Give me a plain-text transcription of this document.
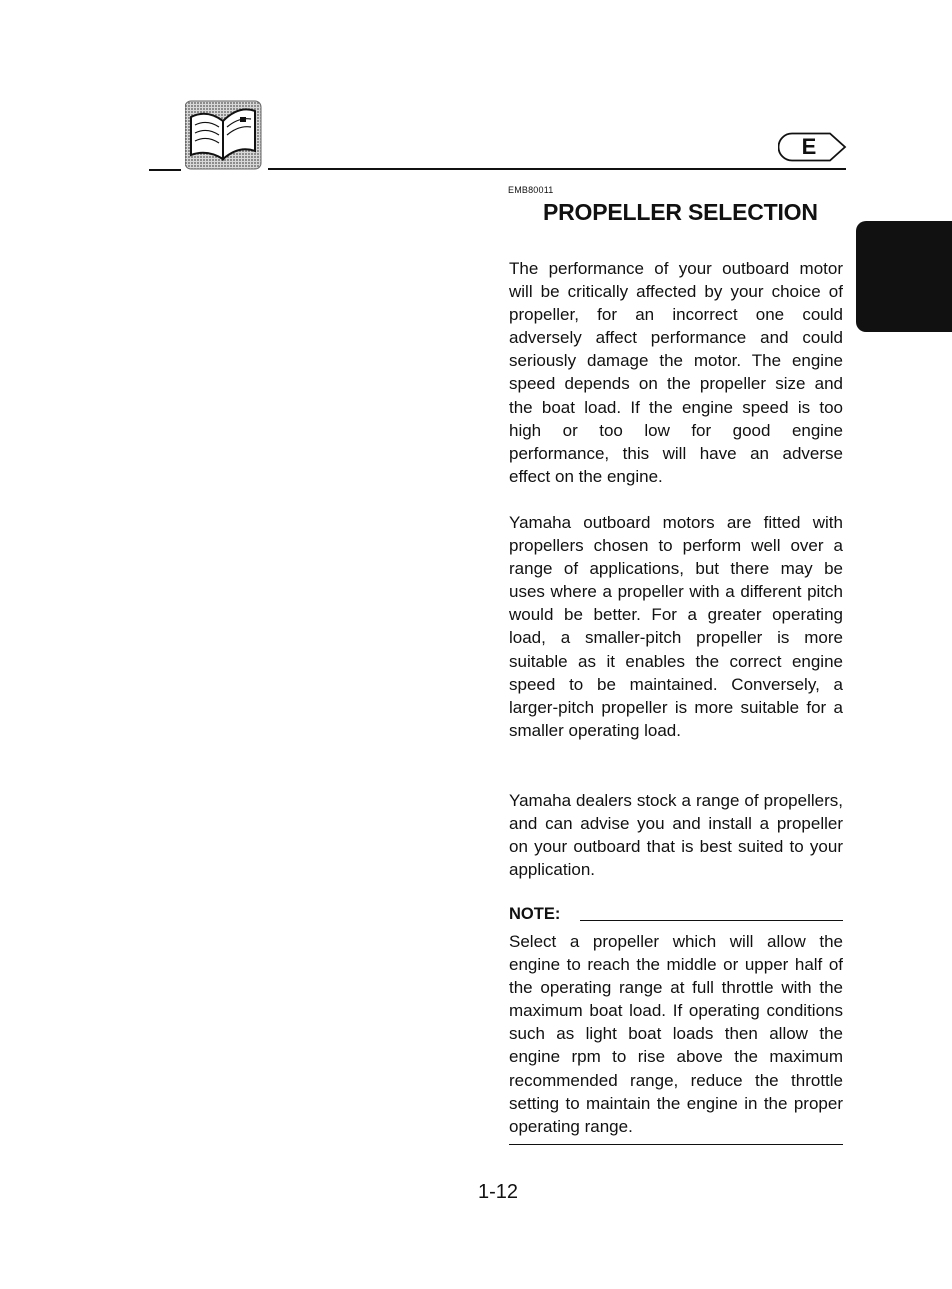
E
EMB80011
PROPELLER SELECTION
The performance of your outboard motor will be critically affected by your choice of propeller, for an incorrect one could adversely affect performance and could seriously damage the motor. The engine speed depends on the propeller size and the boat load. If the engine speed is too high or too low for good engine performance, this will have an adverse effect on the engine.
Yamaha outboard motors are fitted with propellers chosen to perform well over a range of applications, but there may be uses where a propeller with a different pitch would be better. For a greater operating load, a smaller-pitch propeller is more suitable as it enables the correct engine speed to be maintained. Conversely, a larger-pitch propeller is more suitable for a smaller operating load.
Yamaha dealers stock a range of propellers, and can advise you and install a propeller on your outboard that is best suited to your application.
NOTE:
Select a propeller which will allow the engine to reach the middle or upper half of the operating range at full throttle with the maximum boat load. If operating conditions such as light boat loads then allow the engine rpm to rise above the maximum recommended range, reduce the throttle setting to maintain the engine in the proper operating range.
1-12
